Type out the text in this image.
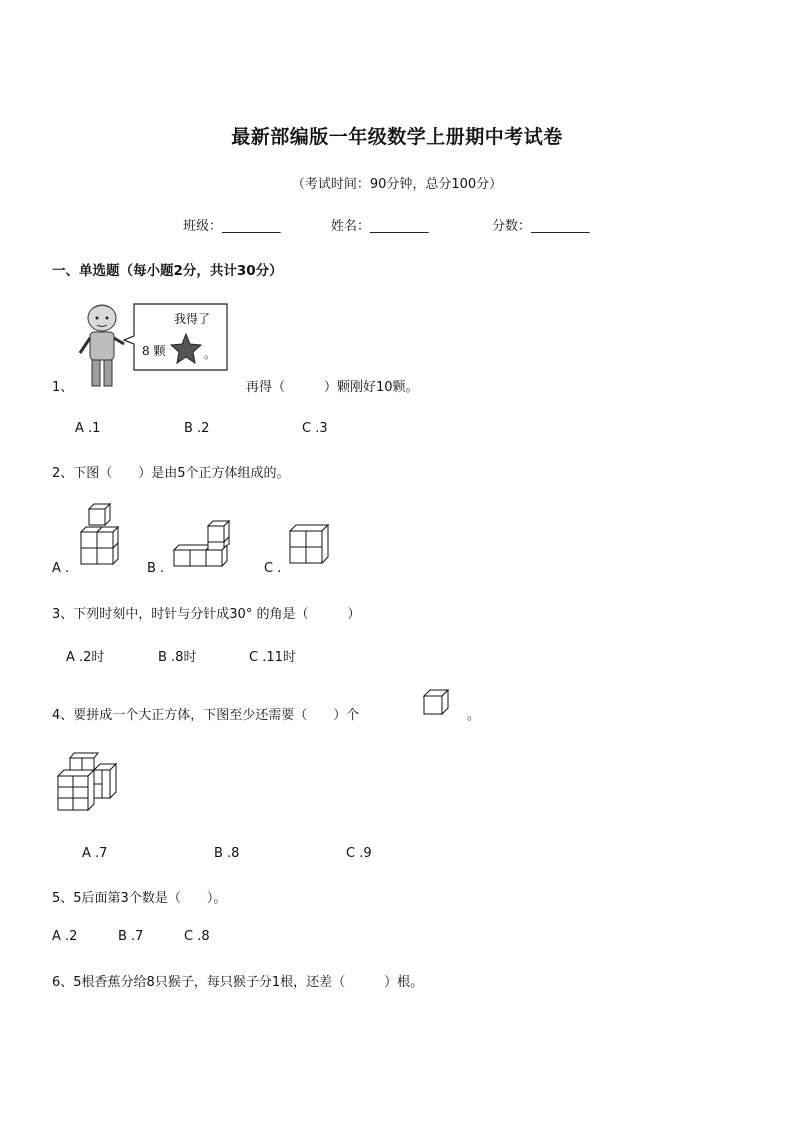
最新部编版一年级数学上册期中考试卷
（考试时间：90分钟，总分100分）
班级：_________	姓名：_________	分数：_________
一、单选题（每小题2分，共计30分）
1、
我得了
8 颗	。
再得（　　　）颗刚好10颗。
A .1	B .2	C .3
2、下图（　　）是由5个正方体组成的。
A .	B .	C .
3、下列时刻中，时针与分针成30° 的角是（　　　）
A .2时	B .8时	C .11时
4、要拼成一个大正方体，下图至少还需要（　　）个	。
A .7	B .8	C .9
5、5后面第3个数是（　　）。
A .2	B .7	C .8
6、5根香蕉分给8只猴子，每只猴子分1根，还差（　　　）根。
